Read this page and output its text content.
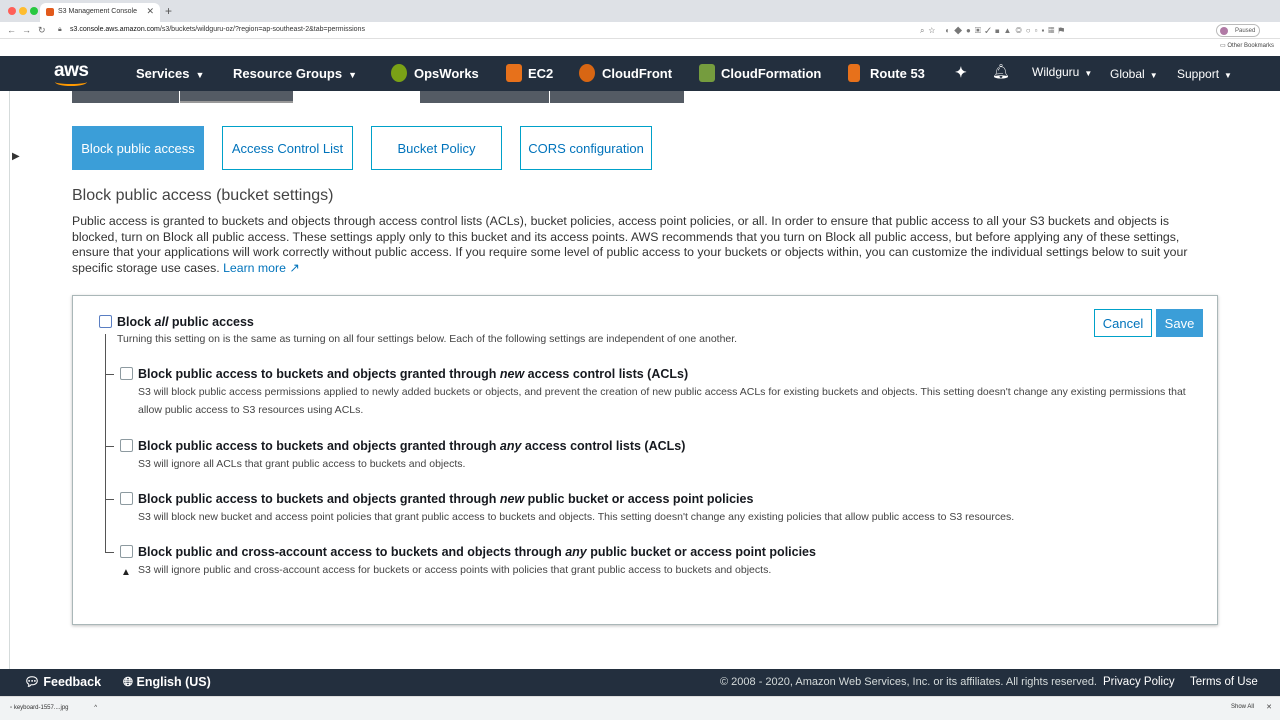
S3 Management Console ✕ +
← → ↻ 🔒︎ s3.console.aws.amazon.com/s3/buckets/wildguru-oz/?region=ap-southeast-2&tab=permissions	⌕☆ ◐◆●▣✓◼▲◎○▫▪▦⚑	Paused
▭ Other Bookmarks
aws	Services ▼ Resource Groups ▼	OpsWorks	EC2	CloudFront	CloudFormation	Route 53 ✦ 🔔︎ Wildguru ▼ Global ▼ Support ▼
▶
Block public access	Access Control List	Bucket Policy	CORS configuration
Block public access (bucket settings)
Public access is granted to buckets and objects through access control lists (ACLs), bucket policies, access point policies, or all. In order to ensure that public access to all your S3 buckets and objects is blocked, turn on Block all public access. These settings apply only to this bucket and its access points. AWS recommends that you turn on Block all public access, but before applying any of these settings, ensure that your applications will work correctly without public access. If you require some level of public access to your buckets or objects within, you can customize the individual settings below to suit your specific storage use cases. Learn more ↗
Block all public access
Turning this setting on is the same as turning on all four settings below. Each of the following settings are independent of one another.
Cancel	Save
Block public access to buckets and objects granted through new access control lists (ACLs)
S3 will block public access permissions applied to newly added buckets or objects, and prevent the creation of new public access ACLs for existing buckets and objects. This setting doesn't change any existing permissions that allow public access to S3 resources using ACLs.
Block public access to buckets and objects granted through any access control lists (ACLs)
S3 will ignore all ACLs that grant public access to buckets and objects.
Block public access to buckets and objects granted through new public bucket or access point policies
S3 will block new bucket and access point policies that grant public access to buckets and objects. This setting doesn't change any existing policies that allow public access to S3 resources.
Block public and cross-account access to buckets and objects through any public bucket or access point policies
S3 will ignore public and cross-account access for buckets or access points with policies that grant public access to buckets and objects.
▲
💬︎ Feedback 🌐︎ English (US)	© 2008 - 2020, Amazon Web Services, Inc. or its affiliates. All rights reserved. Privacy Policy Terms of Use
▫ keyboard-1557....jpg	^	Show All ✕
